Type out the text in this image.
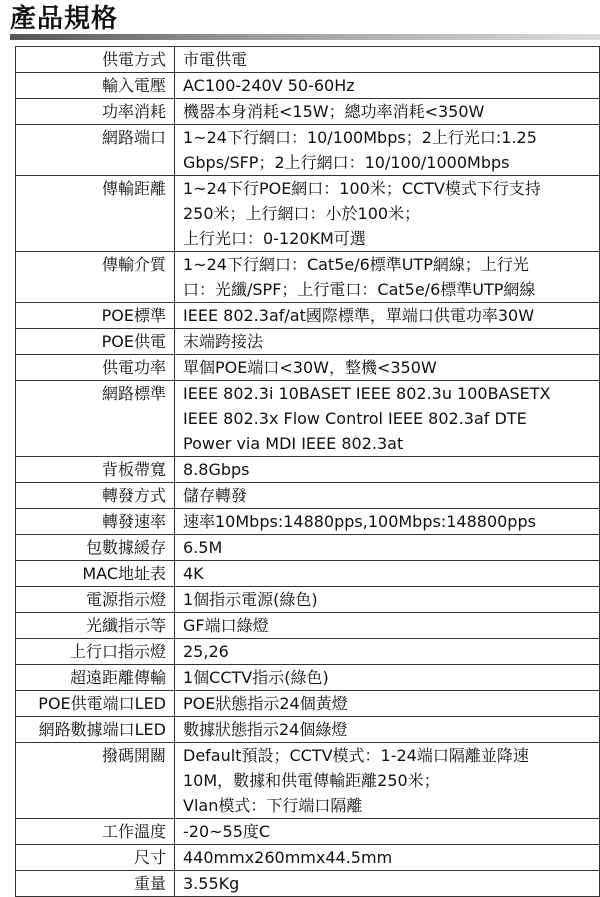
產品規格
供電方式	市電供電

輸入電壓	AC100-240V 50-60Hz

功率消耗	機器本身消耗<15W；總功率消耗<350W

網路端口	1~24下行網口：10/100Mbps；2上行光口:1.25
Gbps/SFP；2上行網口：10/100/1000Mbps

傳輸距離	1~24下行POE網口：100米；CCTV模式下行支持
250米；上行網口：小於100米；
上行光口：0-120KM可選

傳輸介質	1~24下行網口：Cat5e/6標準UTP網線；上行光
口：光纖/SPF；上行電口：Cat5e/6標準UTP網線

POE標準	IEEE 802.3af/at國際標準，單端口供電功率30W

POE供電	末端跨接法

供電功率	單個POE端口<30W，整機<350W

網路標準	IEEE 802.3i 10BASET IEEE 802.3u 100BASETX
IEEE 802.3x Flow Control IEEE 802.3af DTE
Power via MDI IEEE 802.3at

背板帶寬	8.8Gbps

轉發方式	儲存轉發

轉發速率	速率10Mbps:14880pps,100Mbps:148800pps

包數據緩存	6.5M

MAC地址表	4K

電源指示燈	1個指示電源(綠色)

光纖指示等	GF端口綠燈

上行口指示燈	25,26

超遠距離傳輸	1個CCTV指示(綠色)

POE供電端口LED	POE狀態指示24個黃燈

網路數據端口LED	數據狀態指示24個綠燈

撥碼開關	Default預設；CCTV模式：1-24端口隔離並降速
10M，數據和供電傳輸距離250米；
Vlan模式：下行端口隔離

工作溫度	-20~55度C

尺寸	440mmx260mmx44.5mm

重量	3.55Kg
